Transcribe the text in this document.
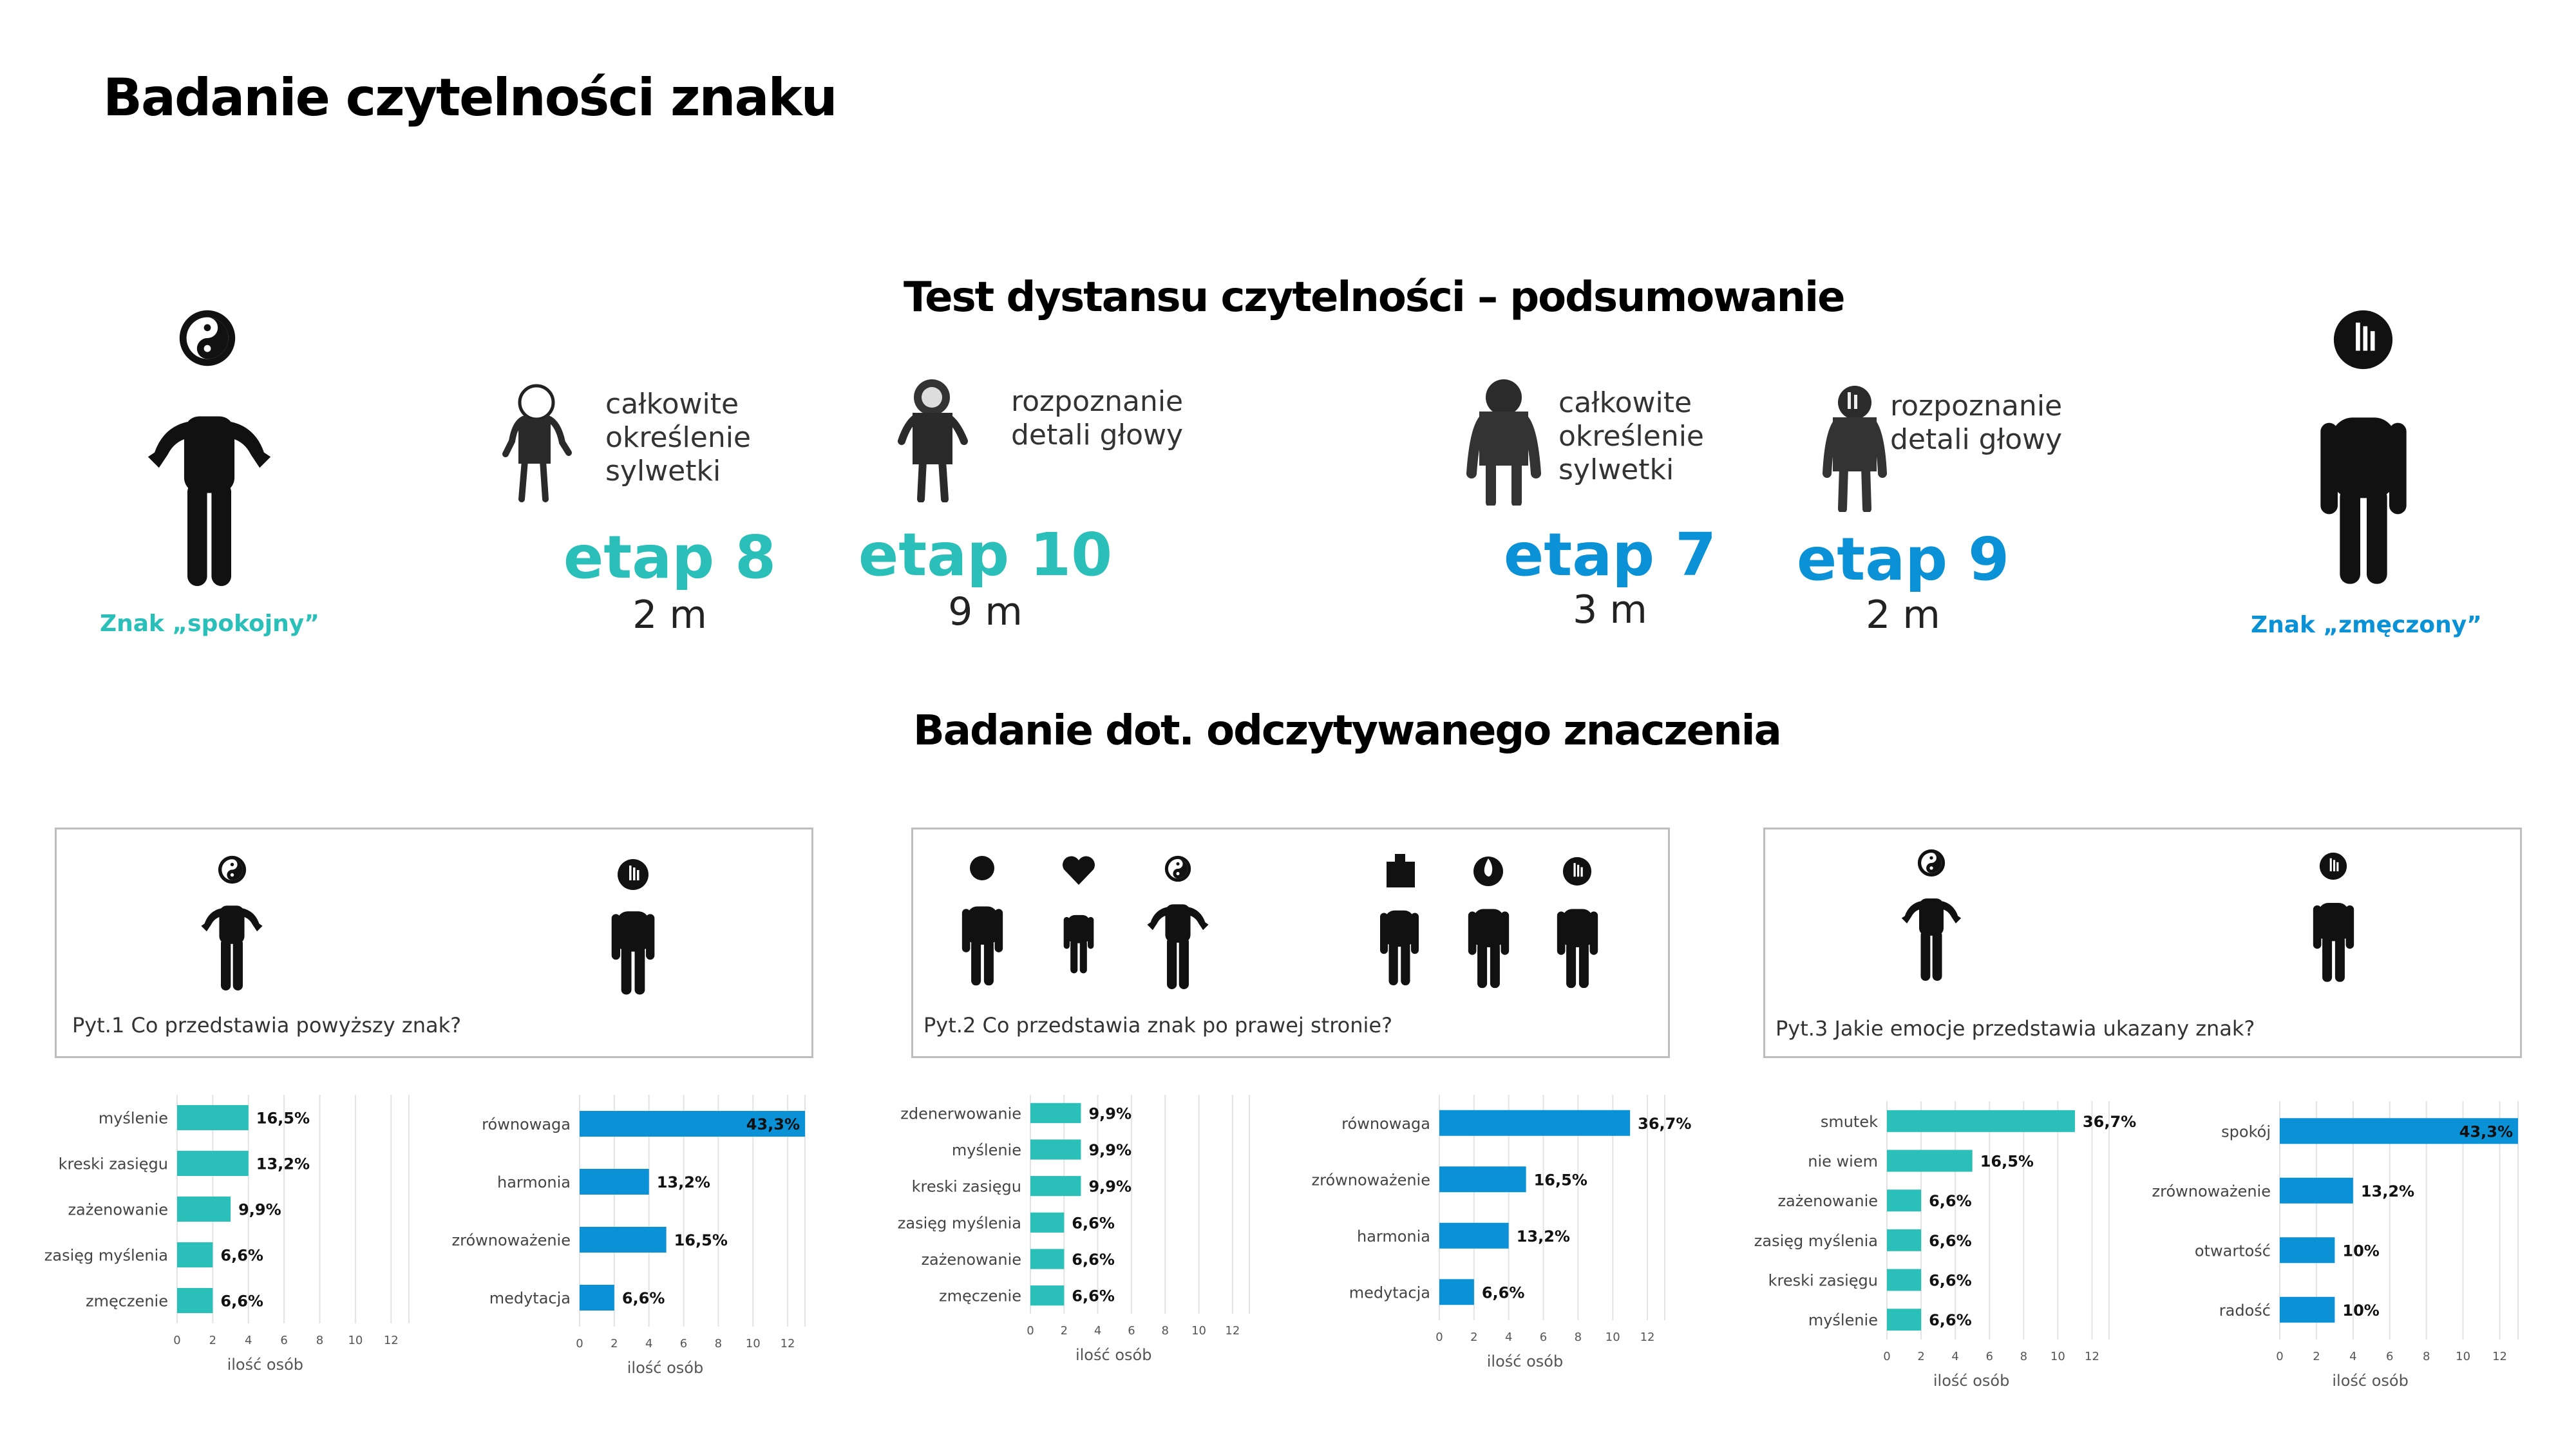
Badanie czytelności znaku
Test dystansu czytelności – podsumowanie
Znak „spokojny”	Znak „zmęczony”
całkowite
określenie
sylwetki
etap 8
2 m
rozpoznanie
detali głowy
etap 10
9 m
całkowite
określenie
sylwetki
etap 7
3 m
rozpoznanie
detali głowy
etap 9
2 m
Badanie dot. odczytywanego znaczenia
Pyt.1 Co przedstawia powyższy znak?	Pyt.2 Co przedstawia znak po prawej stronie?	Pyt.3 Jakie emocje przedstawia ukazany znak?
myślenie	16,5%
kreski zasięgu	13,2%
zażenowanie	9,9%
zasięg myślenia	6,6%
zmęczenie	6,6%
0 2 4 6 8 10 12
ilość osób
równowaga	43,3%
harmonia	13,2%
zrównoważenie	16,5%
medytacja	6,6%
0 2 4 6 8 10 12
ilość osób
zdenerwowanie	9,9%
myślenie	9,9%
kreski zasięgu	9,9%
zasięg myślenia	6,6%
zażenowanie	6,6%
zmęczenie	6,6%
0 2 4 6 8 10 12
ilość osób
równowaga	36,7%
zrównoważenie	16,5%
harmonia	13,2%
medytacja	6,6%
0 2 4 6 8 10 12
ilość osób
smutek	36,7%
nie wiem	16,5%
zażenowanie	6,6%
zasięg myślenia	6,6%
kreski zasięgu	6,6%
myślenie	6,6%
0 2 4 6 8 10 12
ilość osób
spokój	43,3%
zrównoważenie	13,2%
otwartość	10%
radość	10%
0	2	4	6	8 10 12
ilość osób
